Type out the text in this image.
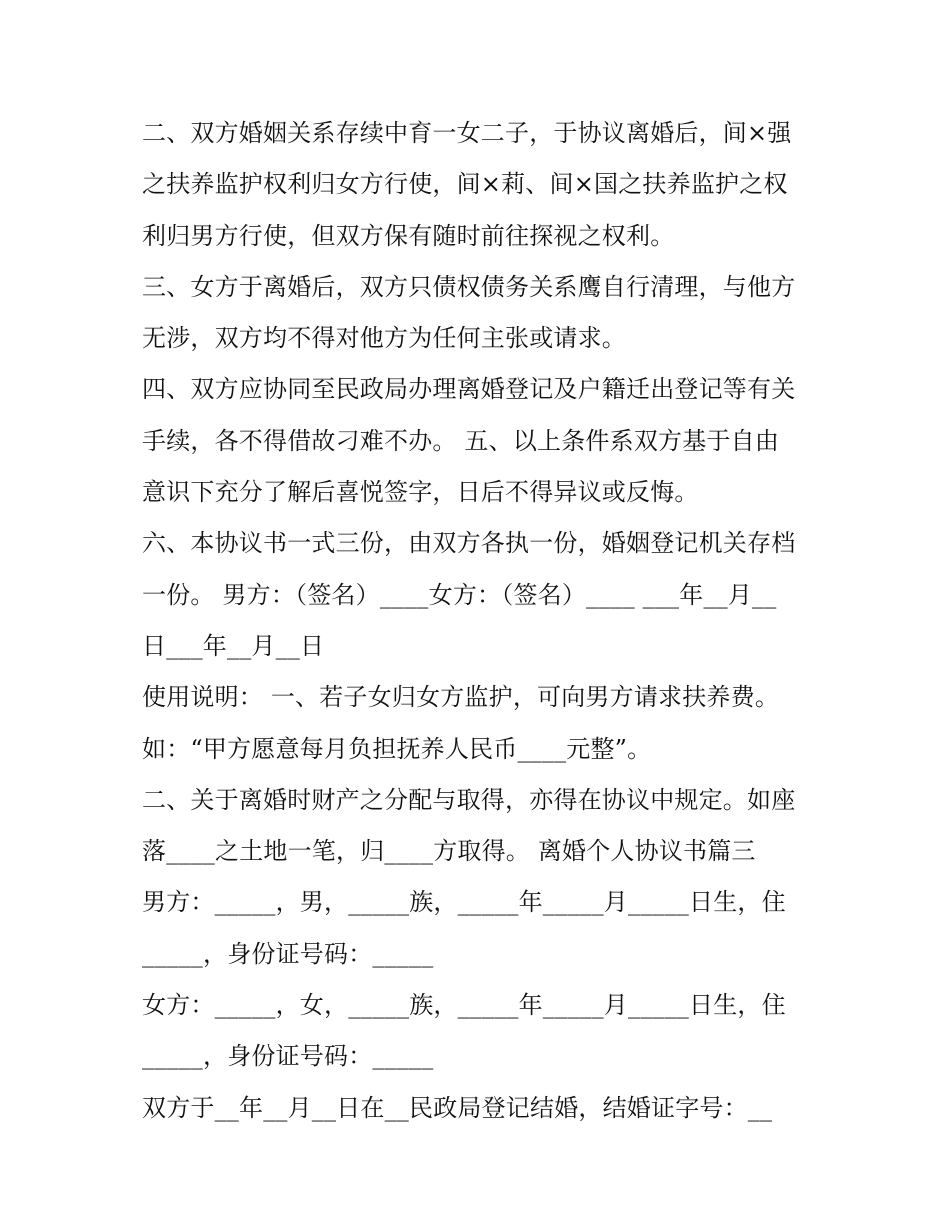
二、双方婚姻关系存续中育一女二子，于协议离婚后，间×强
之扶养监护权利归女方行使，间×莉、间×国之扶养监护之权
利归男方行使，但双方保有随时前往探视之权利。
三、女方于离婚后，双方只债权债务关系鹰自行清理，与他方
无涉，双方均不得对他方为任何主张或请求。
四、双方应协同至民政局办理离婚登记及户籍迁出登记等有关
手续，各不得借故刁难不办。 五、以上条件系双方基于自由
意识下充分了解后喜悦签字，日后不得异议或反悔。
六、本协议书一式三份，由双方各执一份，婚姻登记机关存档
一份。 男方：（签名）____女方：（签名）____ ___年__月__
日___年__月__日
使用说明： 一、若子女归女方监护，可向男方请求扶养费。
如：“甲方愿意每月负担抚养人民币____元整”。
二、关于离婚时财产之分配与取得，亦得在协议中规定。如座
落____之土地一笔，归____方取得。 离婚个人协议书篇三
男方：_____，男，_____族，_____年_____月_____日生，住
_____，身份证号码：_____
女方：_____，女，_____族，_____年_____月_____日生，住
_____，身份证号码：_____
双方于__年__月__日在__民政局登记结婚，结婚证字号：__
